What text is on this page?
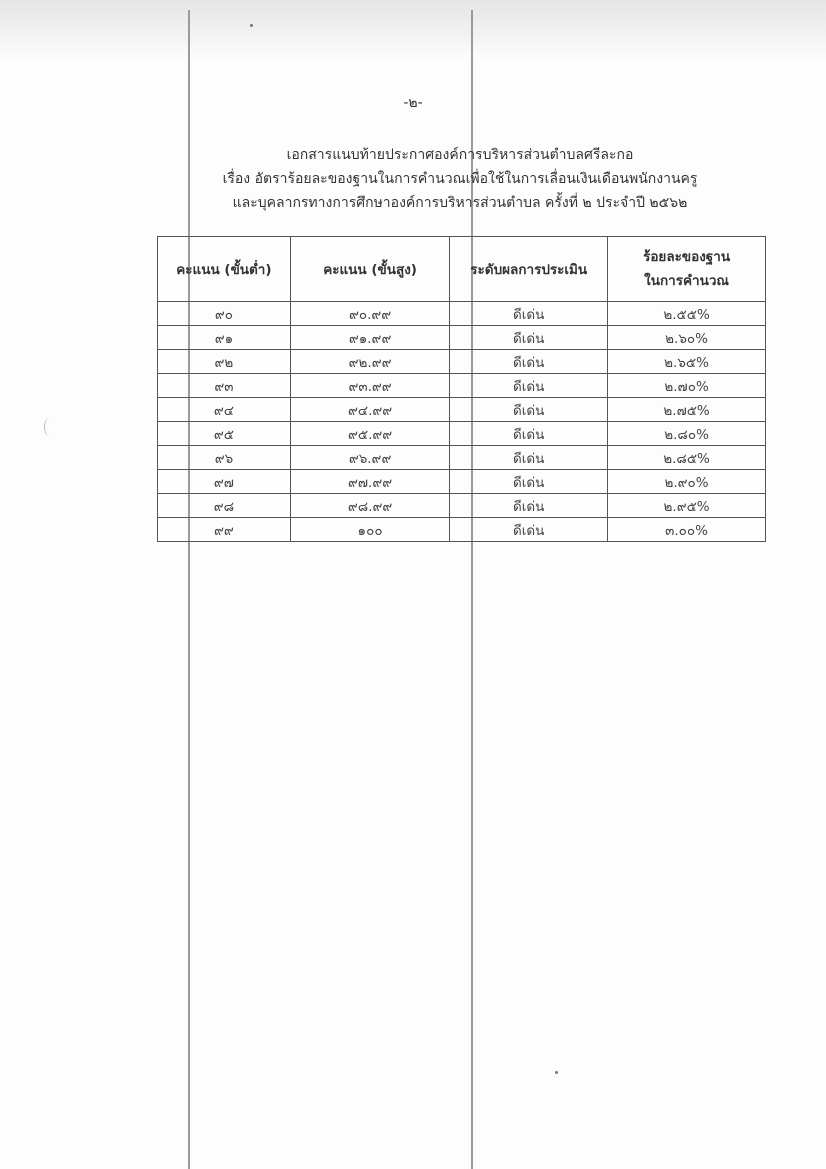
-๒-
เอกสารแนบท้ายประกาศองค์การบริหารส่วนตำบลศรีละกอ
เรื่อง อัตราร้อยละของฐานในการคำนวณเพื่อใช้ในการเลื่อนเงินเดือนพนักงานครู
และบุคลากรทางการศึกษาองค์การบริหารส่วนตำบล ครั้งที่ ๒ ประจำปี ๒๕๖๒
คะแนน (ขั้นต่ำ)	คะแนน (ขั้นสูง)	ระดับผลการประเมิน	ร้อยละของฐาน
ในการคำนวณ
๙๐	๙๐.๙๙	ดีเด่น	๒.๕๕%
๙๑	๙๑.๙๙	ดีเด่น	๒.๖๐%
๙๒	๙๒.๙๙	ดีเด่น	๒.๖๕%
๙๓	๙๓.๙๙	ดีเด่น	๒.๗๐%
๙๔	๙๔.๙๙	ดีเด่น	๒.๗๕%
๙๕	๙๕.๙๙	ดีเด่น	๒.๘๐%
๙๖	๙๖.๙๙	ดีเด่น	๒.๘๕%
๙๗	๙๗.๙๙	ดีเด่น	๒.๙๐%
๙๘	๙๘.๙๙	ดีเด่น	๒.๙๕%
๙๙	๑๐๐	ดีเด่น	๓.๐๐%
